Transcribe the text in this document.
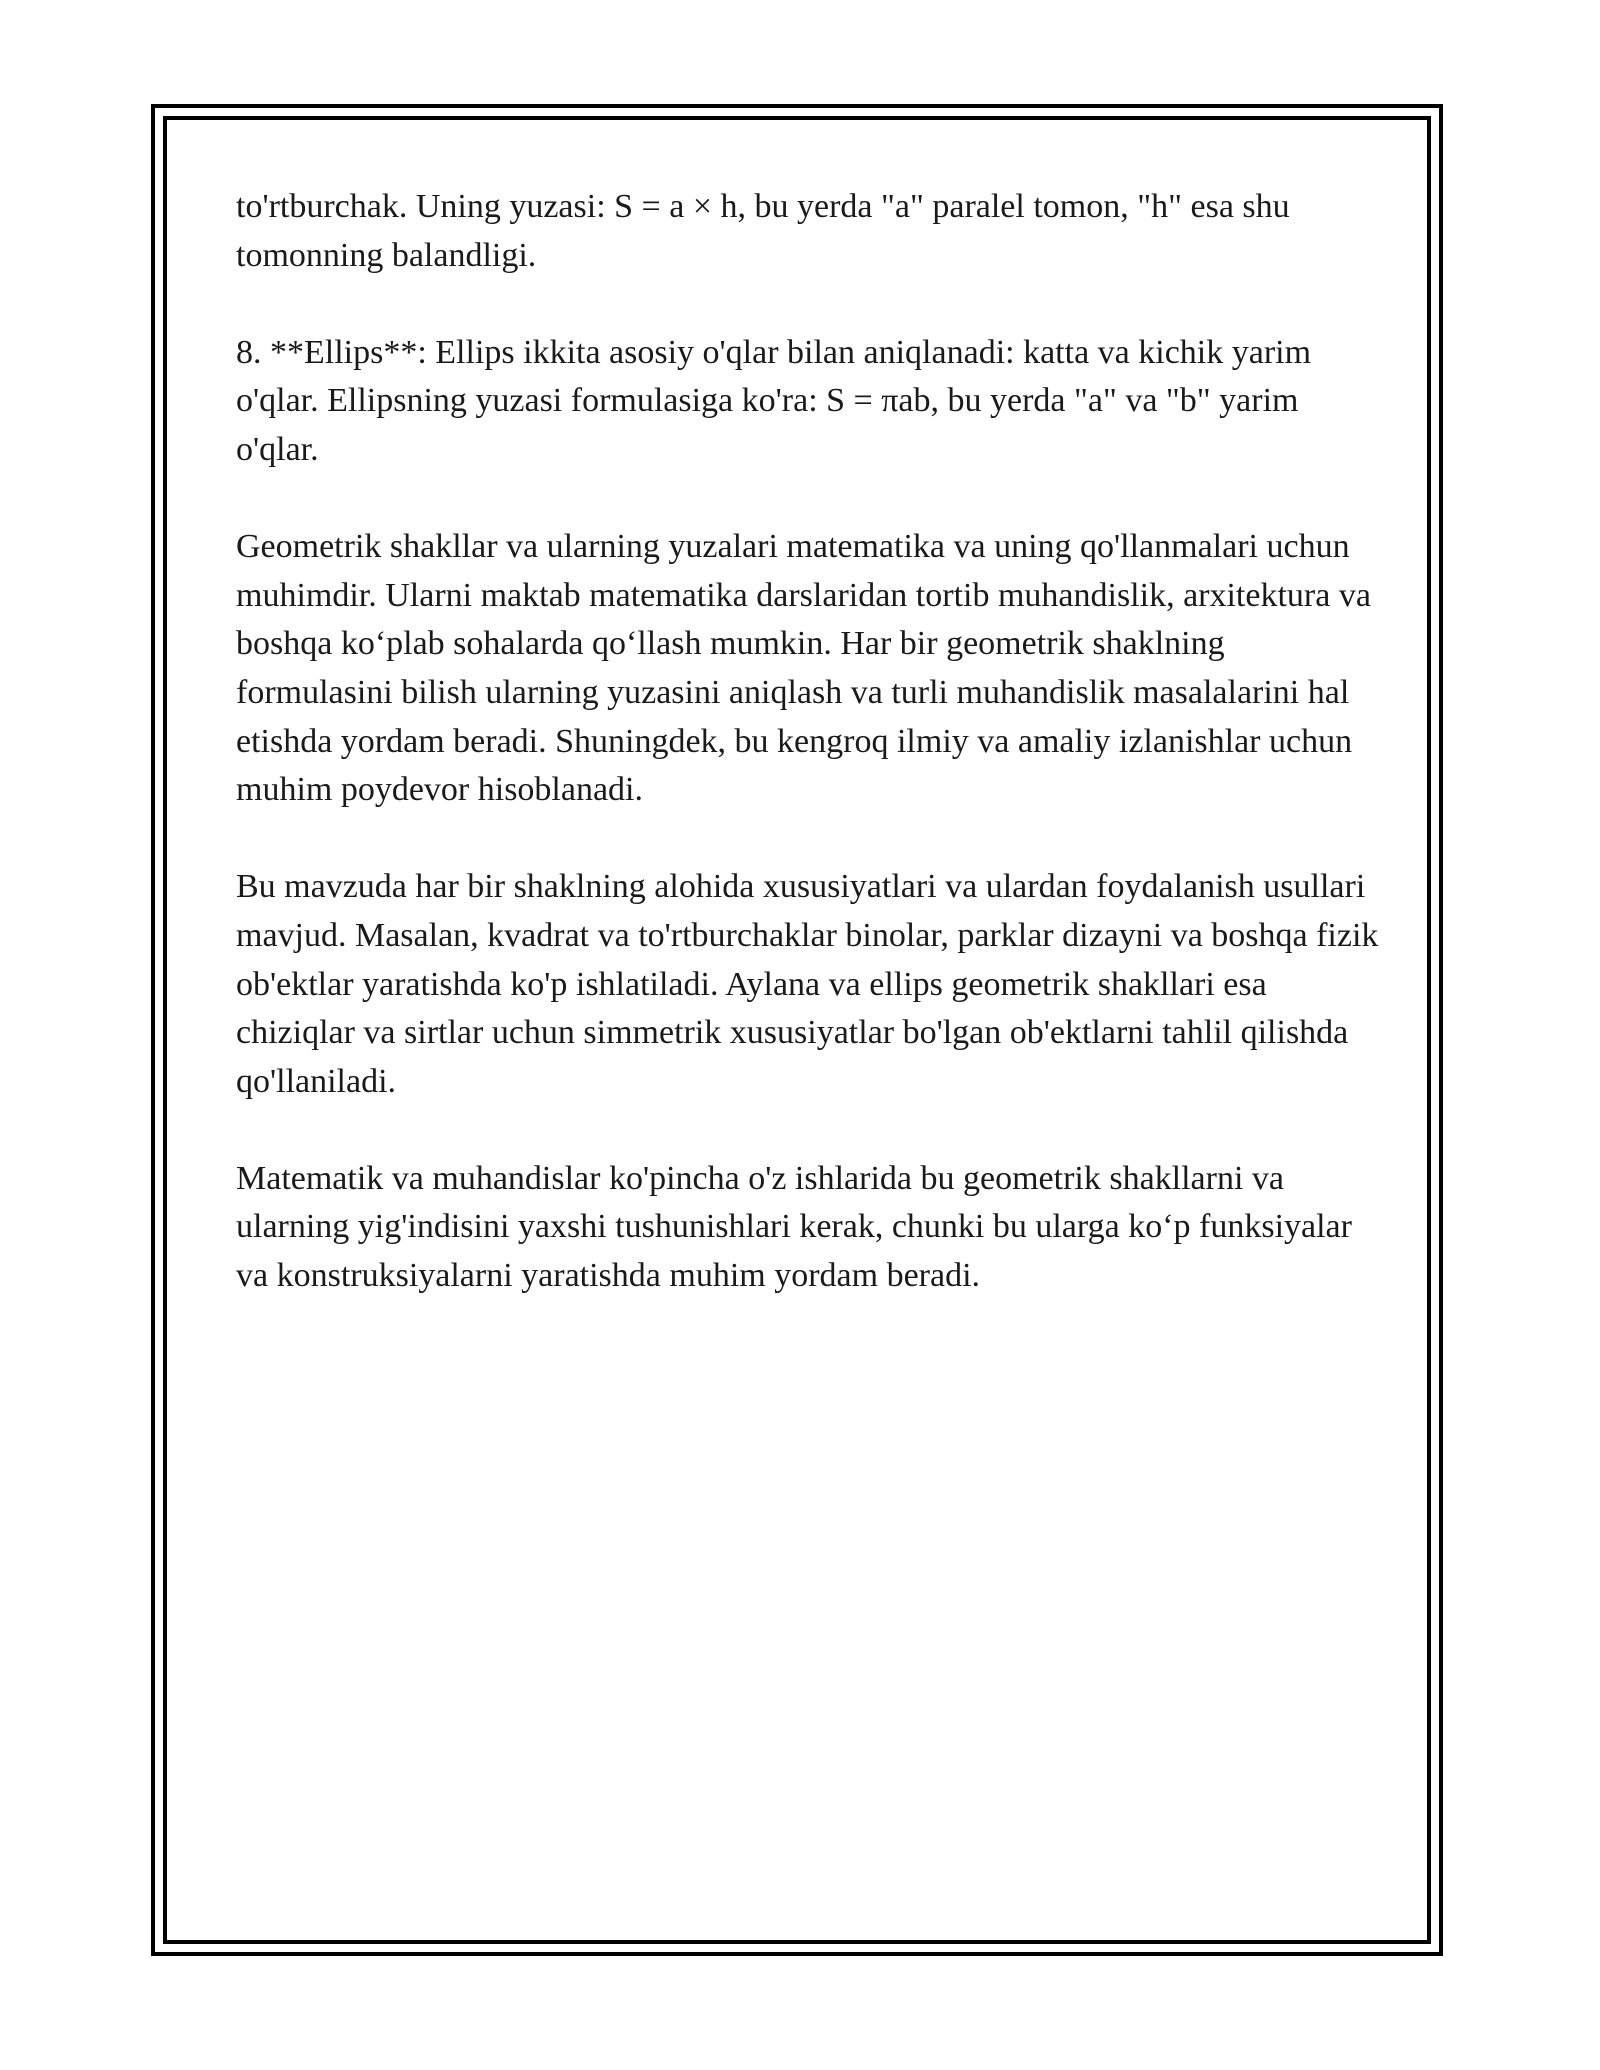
to'rtburchak. Uning yuzasi: S = a × h, bu yerda "a" paralel tomon, "h" esa shu tomonning balandligi.

8. **Ellips**: Ellips ikkita asosiy o'qlar bilan aniqlanadi: katta va kichik yarim o'qlar. Ellipsning yuzasi formulasiga ko'ra: S = πab, bu yerda "a" va "b" yarim o'qlar.

Geometrik shakllar va ularning yuzalari matematika va uning qo'llanmalari uchun muhimdir. Ularni maktab matematika darslaridan tortib muhandislik, arxitektura va boshqa ko‘plab sohalarda qo‘llash mumkin. Har bir geometrik shaklning formulasini bilish ularning yuzasini aniqlash va turli muhandislik masalalarini hal etishda yordam beradi. Shuningdek, bu kengroq ilmiy va amaliy izlanishlar uchun muhim poydevor hisoblanadi.

Bu mavzuda har bir shaklning alohida xususiyatlari va ulardan foydalanish usullari mavjud. Masalan, kvadrat va to'rtburchaklar binolar, parklar dizayni va boshqa fizik ob'ektlar yaratishda ko'p ishlatiladi. Aylana va ellips geometrik shakllari esa chiziqlar va sirtlar uchun simmetrik xususiyatlar bo'lgan ob'ektlarni tahlil qilishda qo'llaniladi.

Matematik va muhandislar ko'pincha o'z ishlarida bu geometrik shakllarni va ularning yig'indisini yaxshi tushunishlari kerak, chunki bu ularga ko‘p funksiyalar va konstruksiyalarni yaratishda muhim yordam beradi.
